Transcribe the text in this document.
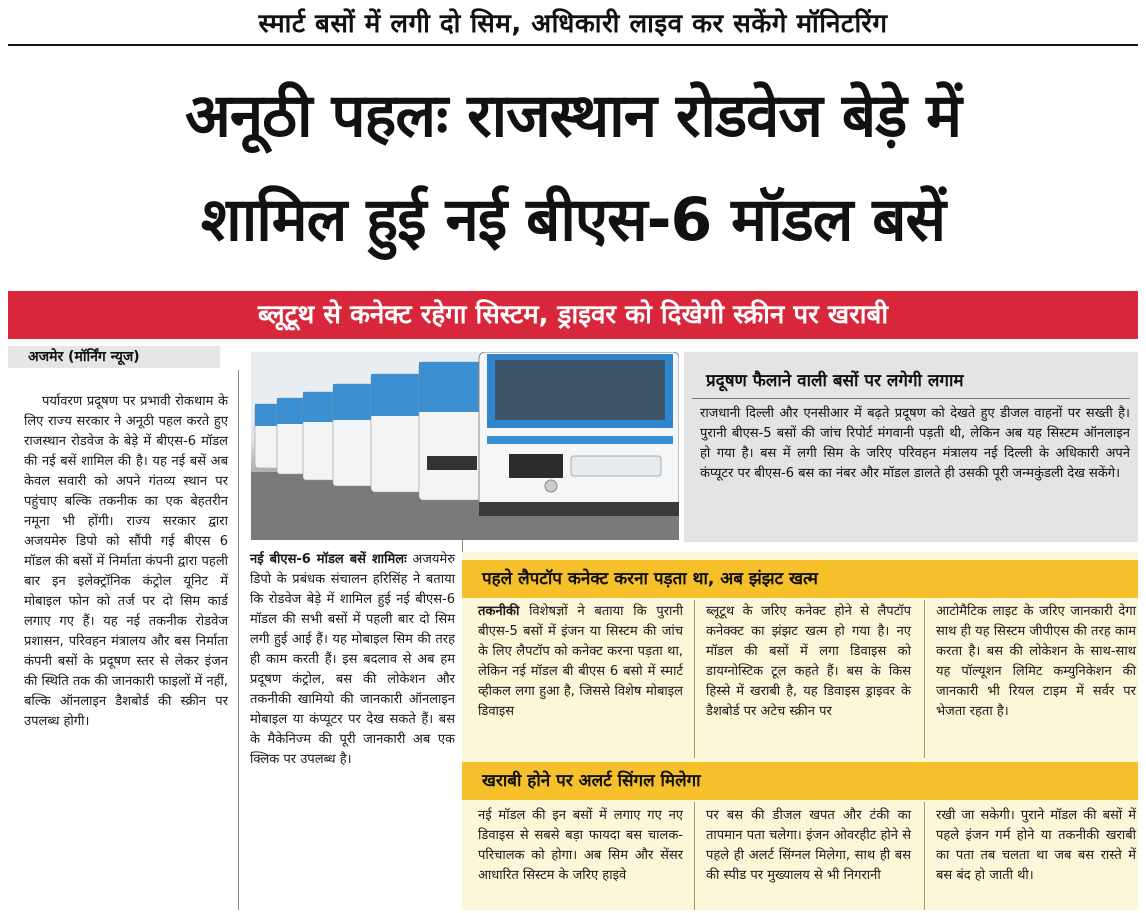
स्मार्ट बसों में लगी दो सिम, अधिकारी लाइव कर सकेंगे मॉनिटरिंग
अनूठी पहलः राजस्थान रोडवेज बेड़े में
शामिल हुई नई बीएस-6 मॉडल बसें
ब्लूटूथ से कनेक्ट रहेगा सिस्टम, ड्राइवर को दिखेगी स्क्रीन पर खराबी
अजमेर (मॉर्निंग न्यूज)
पर्यावरण प्रदूषण पर प्रभावी रोकथाम के लिए राज्य सरकार ने अनूठी पहल करते हुए राजस्थान रोडवेज के बेड़े में बीएस-6 मॉडल की नई बसें शामिल की है। यह नई बसें अब केवल सवारी को अपने गंतव्य स्थान पर पहुंचाए बल्कि तकनीक का एक बेहतरीन नमूना भी होंगी। राज्य सरकार द्वारा अजयमेरु डिपो को सौंपी गई बीएस 6 मॉडल की बसों में निर्माता कंपनी द्वारा पहली बार इन इलेक्ट्रॉनिक कंट्रोल यूनिट में मोबाइल फोन को तर्ज पर दो सिम कार्ड लगाए गए हैं। यह नई तकनीक रोडवेज प्रशासन, परिवहन मंत्रालय और बस निर्माता कंपनी बसों के प्रदूषण स्तर से लेकर इंजन की स्थिति तक की जानकारी फाइलों में नहीं, बल्कि ऑनलाइन डैशबोर्ड की स्क्रीन पर उपलब्ध होगी।
नई बीएस-6 मॉडल बसें शामिलः अजयमेरु डिपो के प्रबंधक संचालन हरिसिंह ने बताया कि रोडवेज बेड़े में शामिल हुई नई बीएस-6 मॉडल की सभी बसों में पहली बार दो सिम लगी हुई आई हैं। यह मोबाइल सिम की तरह ही काम करती हैं। इस बदलाव से अब हम प्रदूषण कंट्रोल, बस की लोकेशन और तकनीकी खामियो की जानकारी ऑनलाइन मोबाइल या कंप्यूटर पर देख सकते हैं। बस के मैकेनिज्म की पूरी जानकारी अब एक क्लिक पर उपलब्ध है।
प्रदूषण फैलाने वाली बसों पर लगेगी लगाम
राजधानी दिल्ली और एनसीआर में बढ़ते प्रदूषण को देखते हुए डीजल वाहनों पर सख्ती है। पुरानी बीएस-5 बसों की जांच रिपोर्ट मंगवानी पड़ती थी, लेकिन अब यह सिस्टम ऑनलाइन हो गया है। बस में लगी सिम के जरिए परिवहन मंत्रालय नई दिल्ली के अधिकारी अपने कंप्यूटर पर बीएस-6 बस का नंबर और मॉडल डालते ही उसकी पूरी जन्मकुंडली देख सकेंगे।
पहले लैपटॉप कनेक्ट करना पड़ता था, अब झंझट खत्म
तकनीकी विशेषज्ञों ने बताया कि पुरानी बीएस-5 बसों में इंजन या सिस्टम की जांच के लिए लैपटॉप को कनेक्ट करना पड़ता था, लेकिन नई मॉडल बी बीएस 6 बसो में स्मार्ट व्हीकल लगा हुआ है, जिससे विशेष मोबाइल डिवाइस
ब्लूटूथ के जरिए कनेक्ट होने से लैपटॉप कनेक्क्ट का झंझट खत्म हो गया है। नए मॉडल की बसों में लगा डिवाइस को डायग्नोस्टिक टूल कहते हैं। बस के किस हिस्से में खराबी है, यह डिवाइस ड्राइवर के डैशबोर्ड पर अटेच स्क्रीन पर
आटोमैटिक लाइट के जरिए जानकारी देगा साथ ही यह सिस्टम जीपीएस की तरह काम करता है। बस की लोकेशन के साथ-साथ यह पॉल्यूशन लिमिट कम्युनिकेशन की जानकारी भी रियल टाइम में सर्वर पर भेजता रहता है।
खराबी होने पर अलर्ट सिंगल मिलेगा
नई मॉडल की इन बसों में लगाए गए नए डिवाइस से सबसे बड़ा फायदा बस चालक-परिचालक को होगा। अब सिम और सेंसर आधारित सिस्टम के जरिए हाइवे
पर बस की डीजल खपत और टंकी का तापमान पता चलेगा। इंजन ओवरहीट होने से पहले ही अलर्ट सिंग्नल मिलेगा, साथ ही बस की स्पीड पर मुख्यालय से भी निगरानी
रखी जा सकेगी। पुराने मॉडल की बसों में पहले इंजन गर्म होने या तकनीकी खराबी का पता तब चलता था जब बस रास्ते में बस बंद हो जाती थी।
